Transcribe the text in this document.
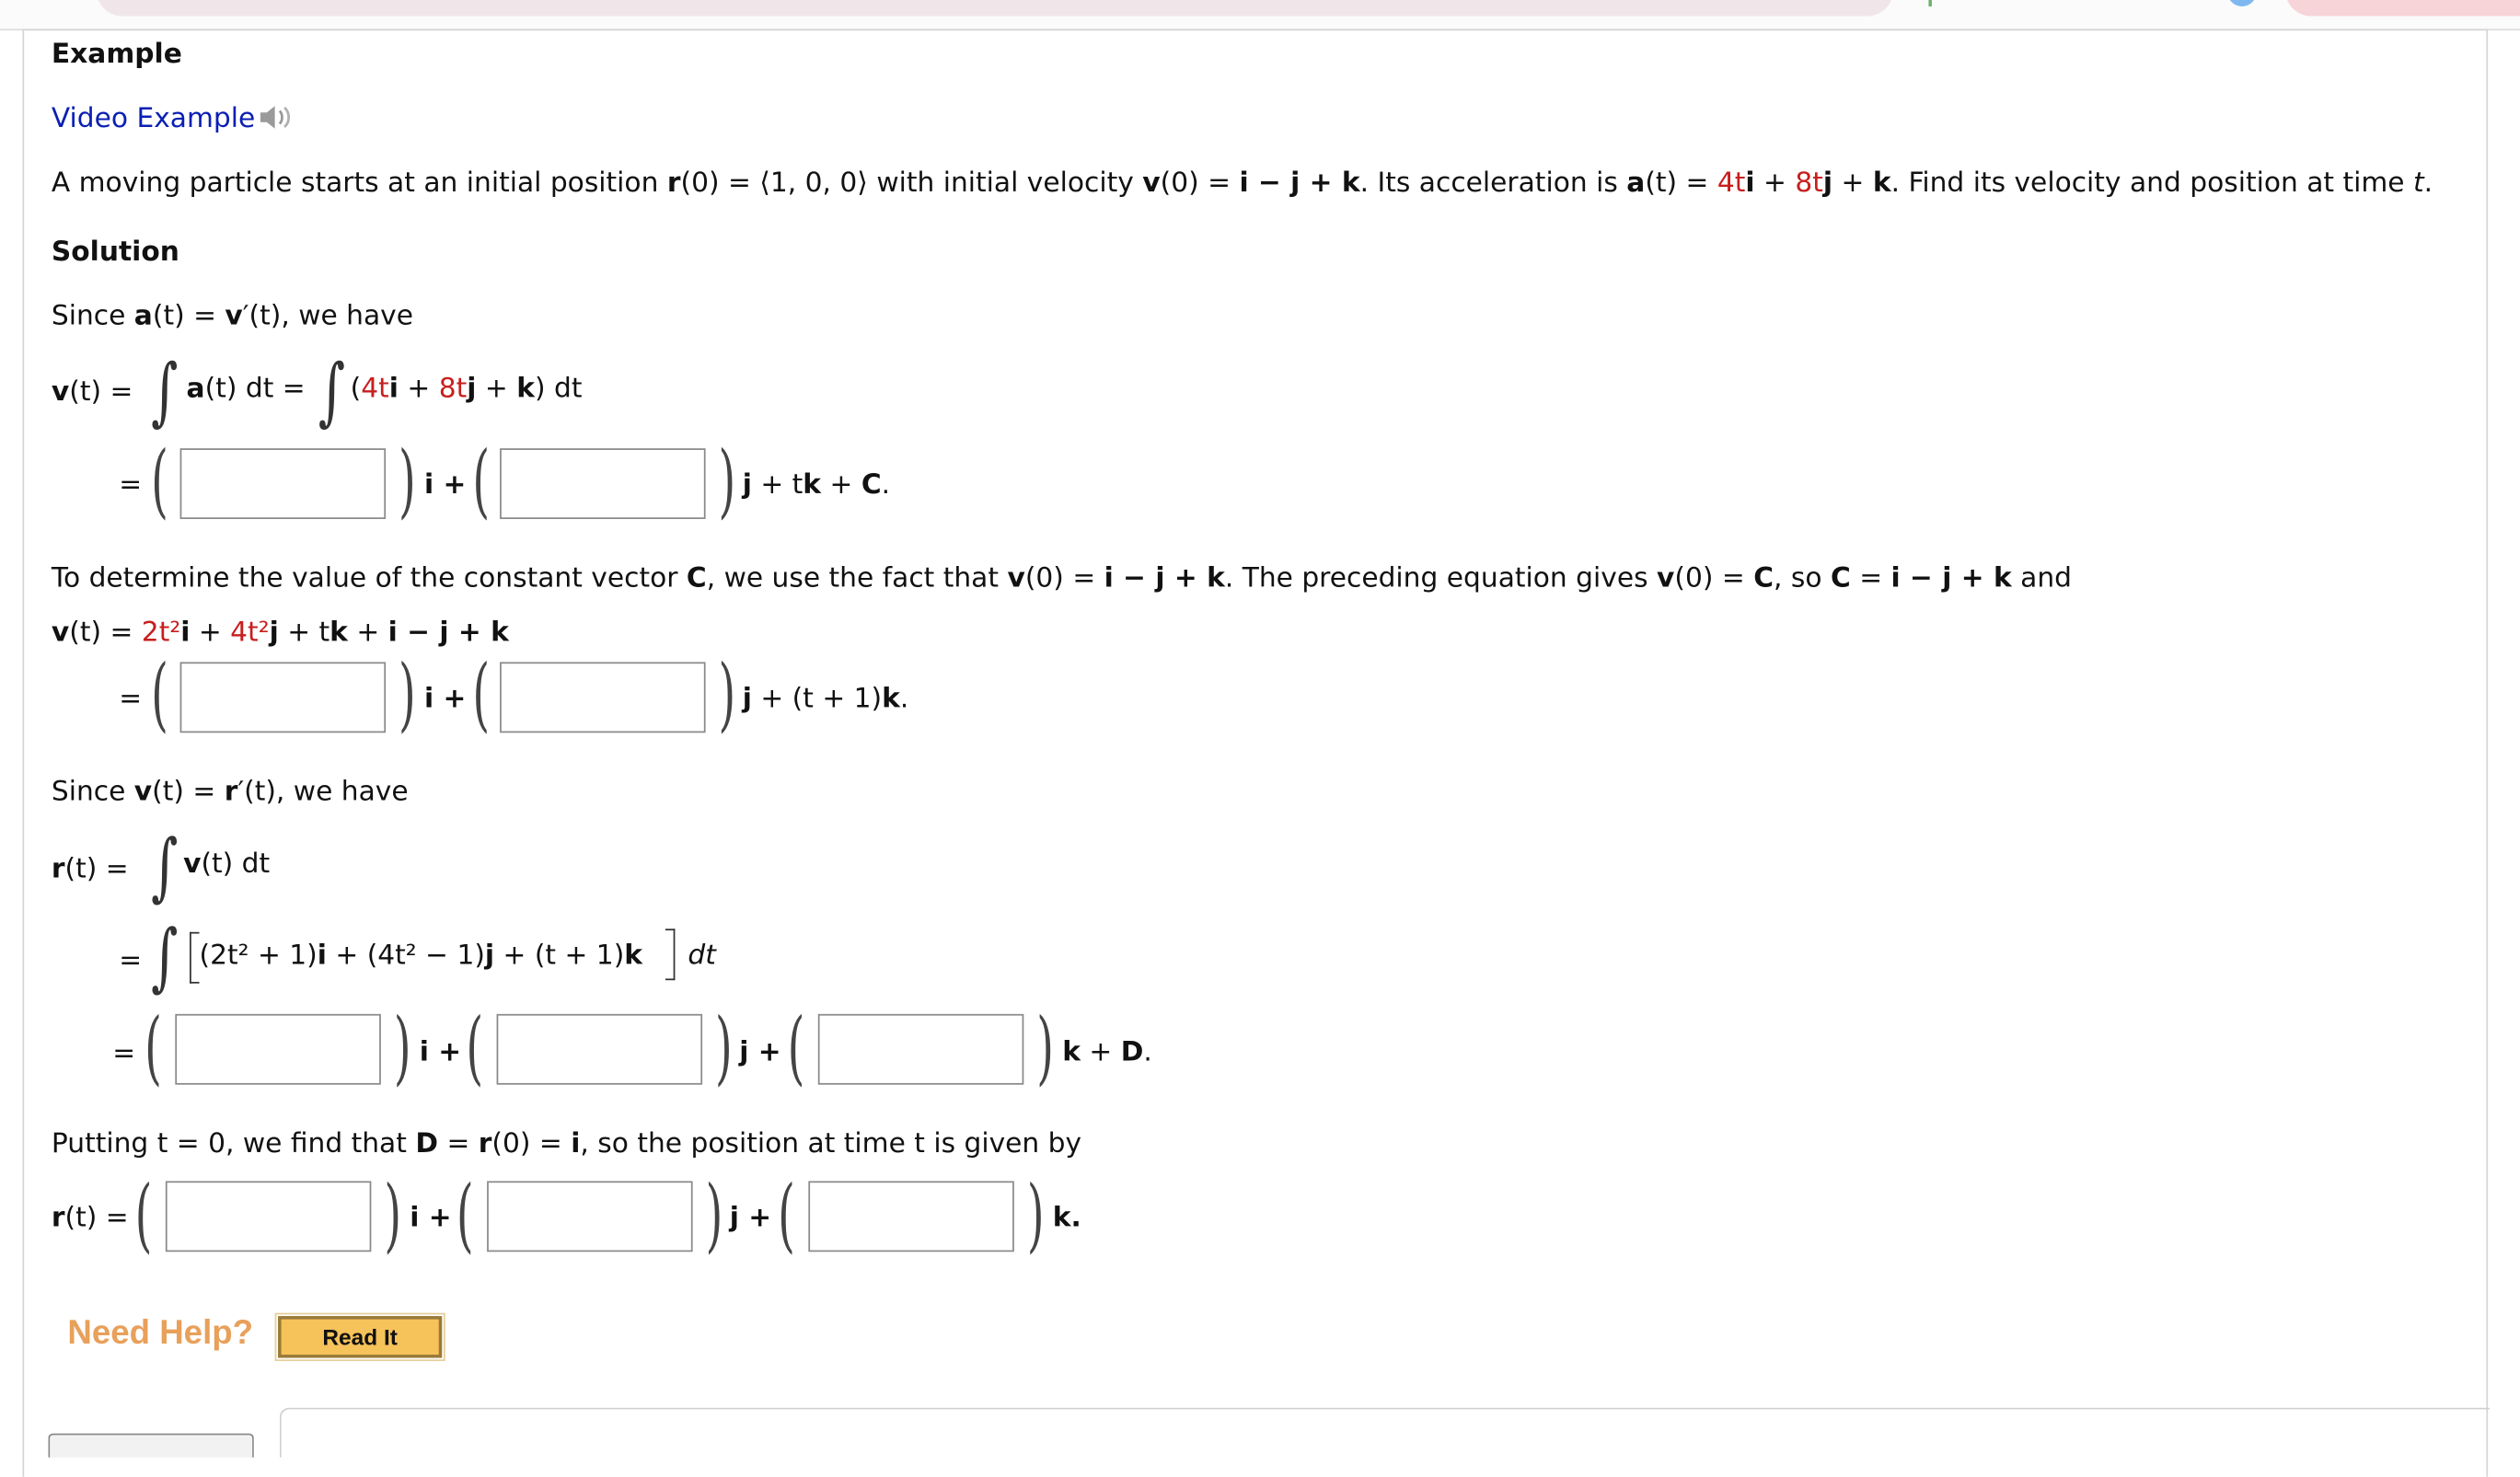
Example
Video Example
A moving particle starts at an initial position r(0) = ⟨1, 0, 0⟩ with initial velocity v(0) = i − j + k. Its acceleration is a(t) = 4ti + 8tj + k. Find its velocity and position at time t.
Solution
Since a(t) = v′(t), we have
v(t) = ∫ a(t) dt = ∫ (4ti + 8tj + k) dt
= (	) i + (	) j + tk + C.
To determine the value of the constant vector C, we use the fact that v(0) = i − j + k. The preceding equation gives v(0) = C, so C = i − j + k and
v(t) = 2t²i + 4t²j + tk + i − j + k
= (	) i + (	) j + (t + 1)k.
Since v(t) = r′(t), we have
r(t) = ∫ v(t) dt
= ∫ (2t² + 1)i + (4t² − 1)j + (t + 1)k	dt
= (	) i + (	) j + (	) k + D.
Putting t = 0, we find that D = r(0) = i, so the position at time t is given by
r(t) = (	) i + (	) j + (	) k.
Need Help?	Read It
